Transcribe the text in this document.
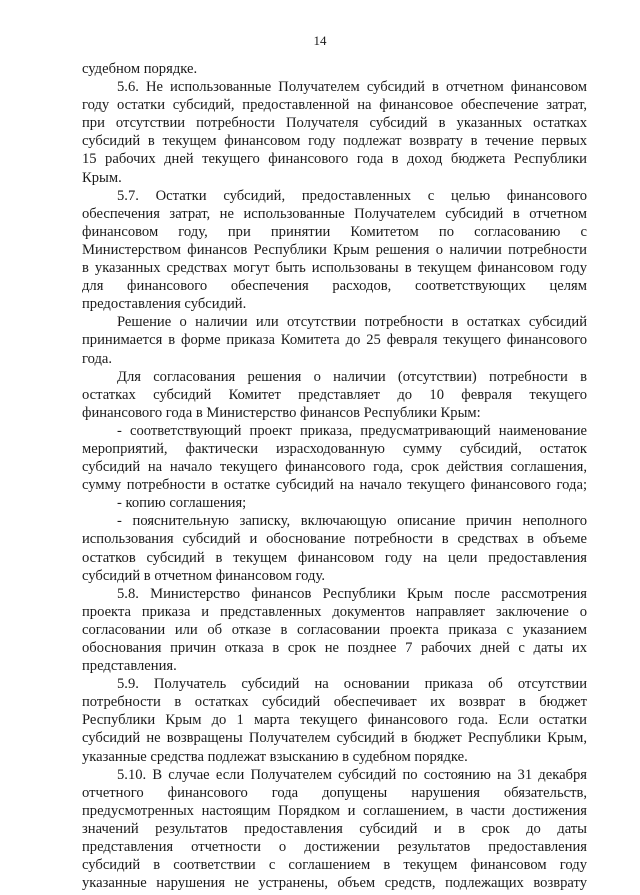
14
судебном порядке.
5.6. Не использованные Получателем субсидий в отчетном финансовом
году остатки субсидий, предоставленной на финансовое обеспечение затрат,
при отсутствии потребности Получателя субсидий в указанных остатках
субсидий в текущем финансовом году подлежат возврату в течение первых
15 рабочих дней текущего финансового года в доход бюджета Республики
Крым.
5.7. Остатки субсидий, предоставленных с целью финансового
обеспечения затрат, не использованные Получателем субсидий в отчетном
финансовом году, при принятии Комитетом по согласованию с
Министерством финансов Республики Крым решения о наличии потребности
в указанных средствах могут быть использованы в текущем финансовом году
для финансового обеспечения расходов, соответствующих целям
предоставления субсидий.
Решение о наличии или отсутствии потребности в остатках субсидий
принимается в форме приказа Комитета до 25 февраля текущего финансового
года.
Для согласования решения о наличии (отсутствии) потребности в
остатках субсидий Комитет представляет до 10 февраля текущего
финансового года в Министерство финансов Республики Крым:
- соответствующий проект приказа, предусматривающий наименование
мероприятий, фактически израсходованную сумму субсидий, остаток
субсидий на начало текущего финансового года, срок действия соглашения,
сумму потребности в остатке субсидий на начало текущего финансового года;
- копию соглашения;
- пояснительную записку, включающую описание причин неполного
использования субсидий и обоснование потребности в средствах в объеме
остатков субсидий в текущем финансовом году на цели предоставления
субсидий в отчетном финансовом году.
5.8. Министерство финансов Республики Крым после рассмотрения
проекта приказа и представленных документов направляет заключение о
согласовании или об отказе в согласовании проекта приказа с указанием
обоснования причин отказа в срок не позднее 7 рабочих дней с даты их
представления.
5.9. Получатель субсидий на основании приказа об отсутствии
потребности в остатках субсидий обеспечивает их возврат в бюджет
Республики Крым до 1 марта текущего финансового года. Если остатки
субсидий не возвращены Получателем субсидий в бюджет Республики Крым,
указанные средства подлежат взысканию в судебном порядке.
5.10. В случае если Получателем субсидий по состоянию на 31 декабря
отчетного финансового года допущены нарушения обязательств,
предусмотренных настоящим Порядком и соглашением, в части достижения
значений результатов предоставления субсидий и в срок до даты
представления отчетности о достижении результатов предоставления
субсидий в соответствии с соглашением в текущем финансовом году
указанные нарушения не устранены, объем средств, подлежащих возврату
